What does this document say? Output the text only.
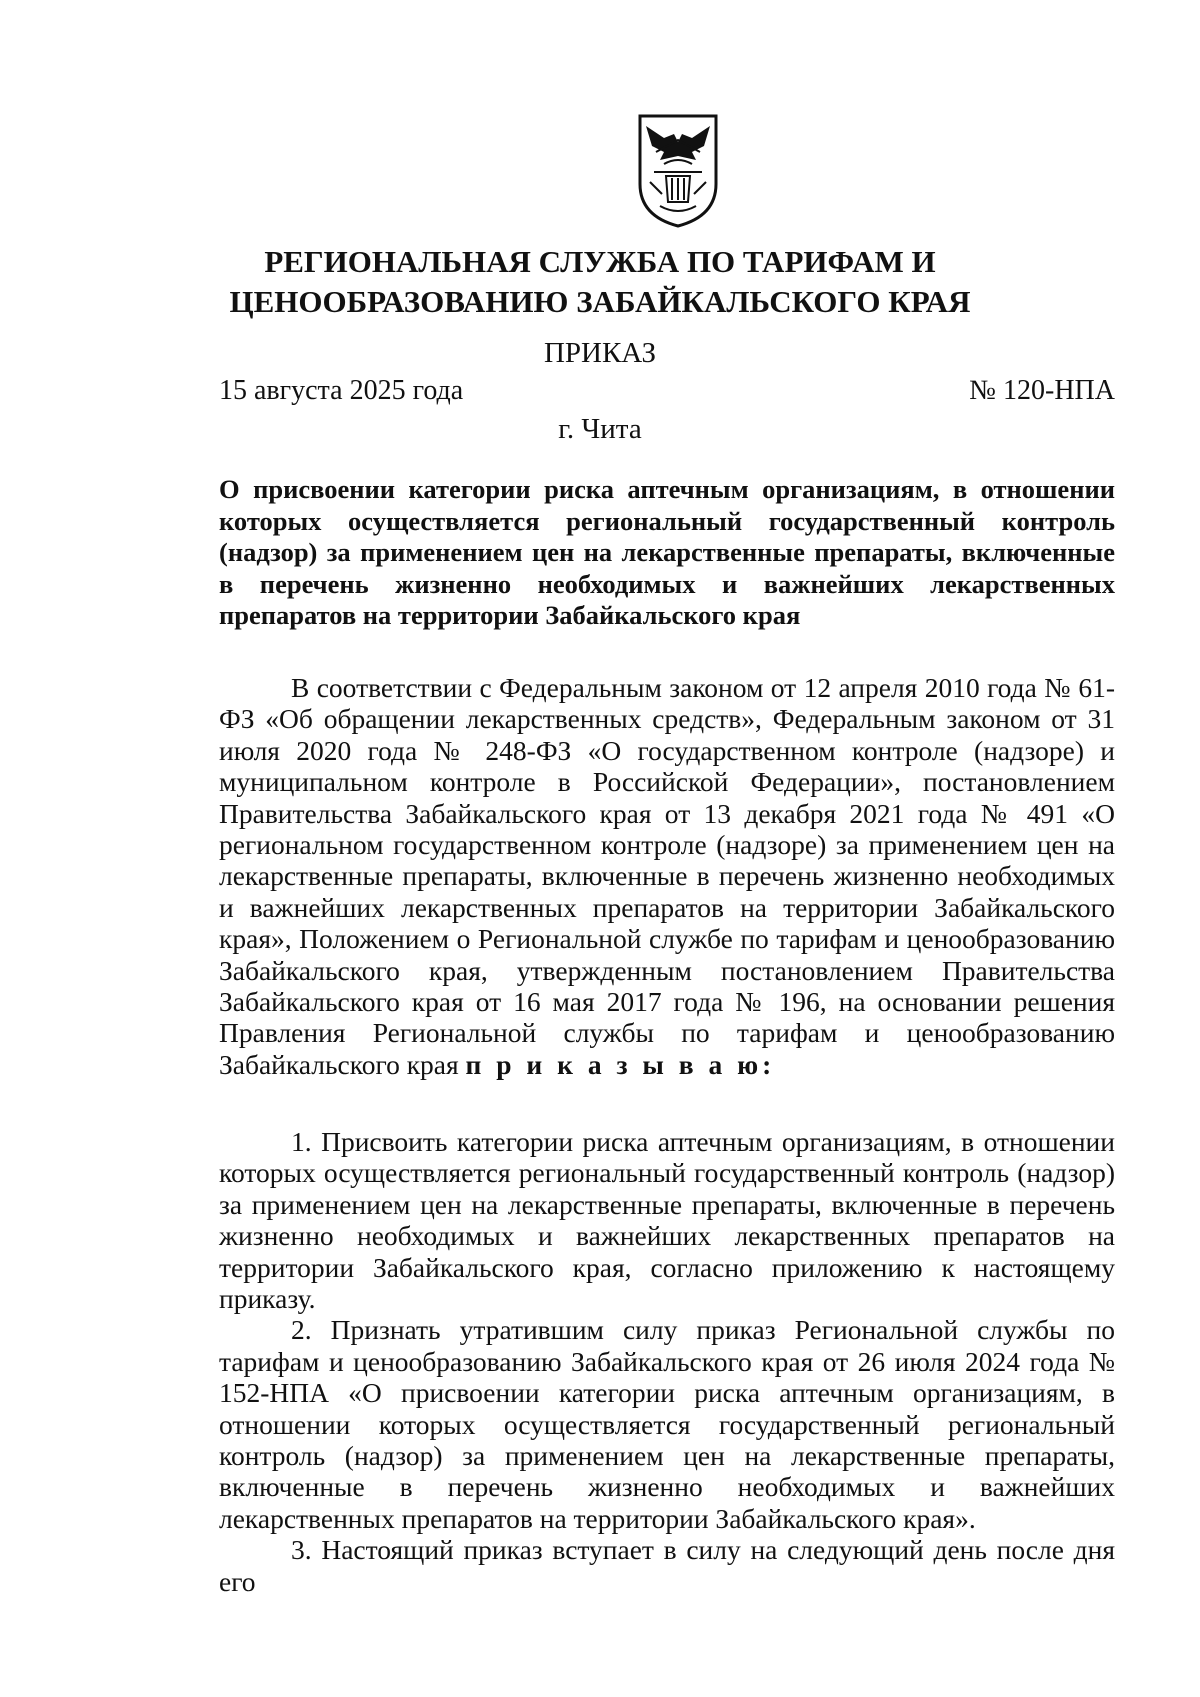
РЕГИОНАЛЬНАЯ СЛУЖБА ПО ТАРИФАМ И
ЦЕНООБРАЗОВАНИЮ ЗАБАЙКАЛЬСКОГО КРАЯ
ПРИКАЗ
15 августа 2025 года	№ 120-НПА
г. Чита
О присвоении категории риска аптечным организациям, в отношении которых осуществляется региональный государственный контроль (надзор) за применением цен на лекарственные препараты, включенные в перечень жизненно необходимых и важнейших лекарственных препаратов на территории Забайкальского края

В соответствии с Федеральным законом от 12 апреля 2010 года № 61-ФЗ «Об обращении лекарственных средств», Федеральным законом от 31 июля 2020 года № 248-ФЗ «О государственном контроле (надзоре) и муниципальном контроле в Российской Федерации», постановлением Правительства Забайкальского края от 13 декабря 2021 года № 491 «О региональном государственном контроле (надзоре) за применением цен на лекарственные препараты, включенные в перечень жизненно необходимых и важнейших лекарственных препаратов на территории Забайкальского края», Положением о Региональной службе по тарифам и ценообразованию Забайкальского края, утвержденным постановлением Правительства Забайкальского края от 16 мая 2017 года № 196, на основании решения Правления Региональной службы по тарифам и ценообразованию Забайкальского края п р и к а з ы в а ю:

1. Присвоить категории риска аптечным организациям, в отношении которых осуществляется региональный государственный контроль (надзор) за применением цен на лекарственные препараты, включенные в перечень жизненно необходимых и важнейших лекарственных препаратов на территории Забайкальского края, согласно приложению к настоящему приказу.

2. Признать утратившим силу приказ Региональной службы по тарифам и ценообразованию Забайкальского края от 26 июля 2024 года № 152-НПА «О присвоении категории риска аптечным организациям, в отношении которых осуществляется государственный региональный контроль (надзор) за применением цен на лекарственные препараты, включенные в перечень жизненно необходимых и важнейших лекарственных препаратов на территории Забайкальского края».

3. Настоящий приказ вступает в силу на следующий день после дня его
